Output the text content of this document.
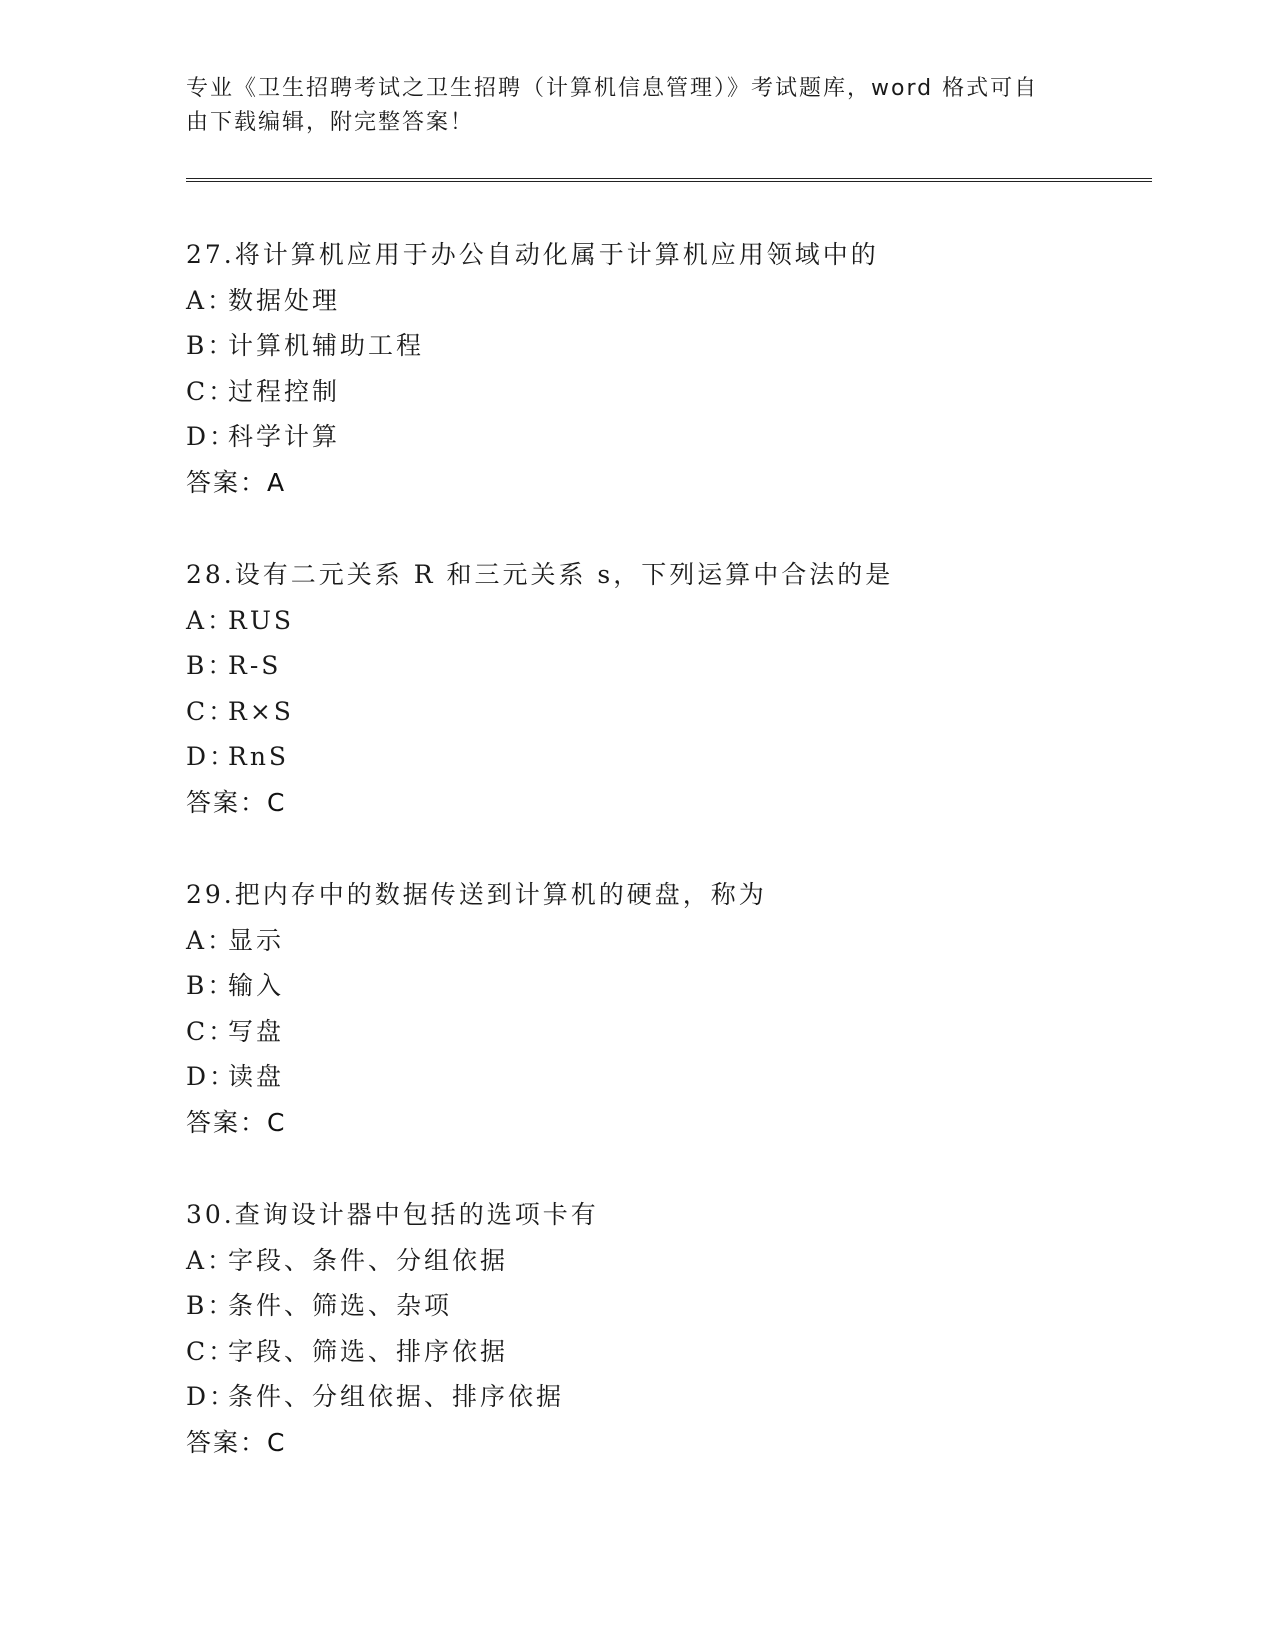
专业《卫生招聘考试之卫生招聘（计算机信息管理）》考试题库，word 格式可自
由下载编辑，附完整答案！
27.将计算机应用于办公自动化属于计算机应用领域中的
A：数据处理
B：计算机辅助工程
C：过程控制
D：科学计算
答案：A
28.设有二元关系 R 和三元关系 s，下列运算中合法的是
A：RUS
B：R-S
C：R×S
D：RnS
答案：C
29.把内存中的数据传送到计算机的硬盘，称为
A：显示
B：输入
C：写盘
D：读盘
答案：C
30.查询设计器中包括的选项卡有
A：字段、条件、分组依据
B：条件、筛选、杂项
C：字段、筛选、排序依据
D：条件、分组依据、排序依据
答案：C
